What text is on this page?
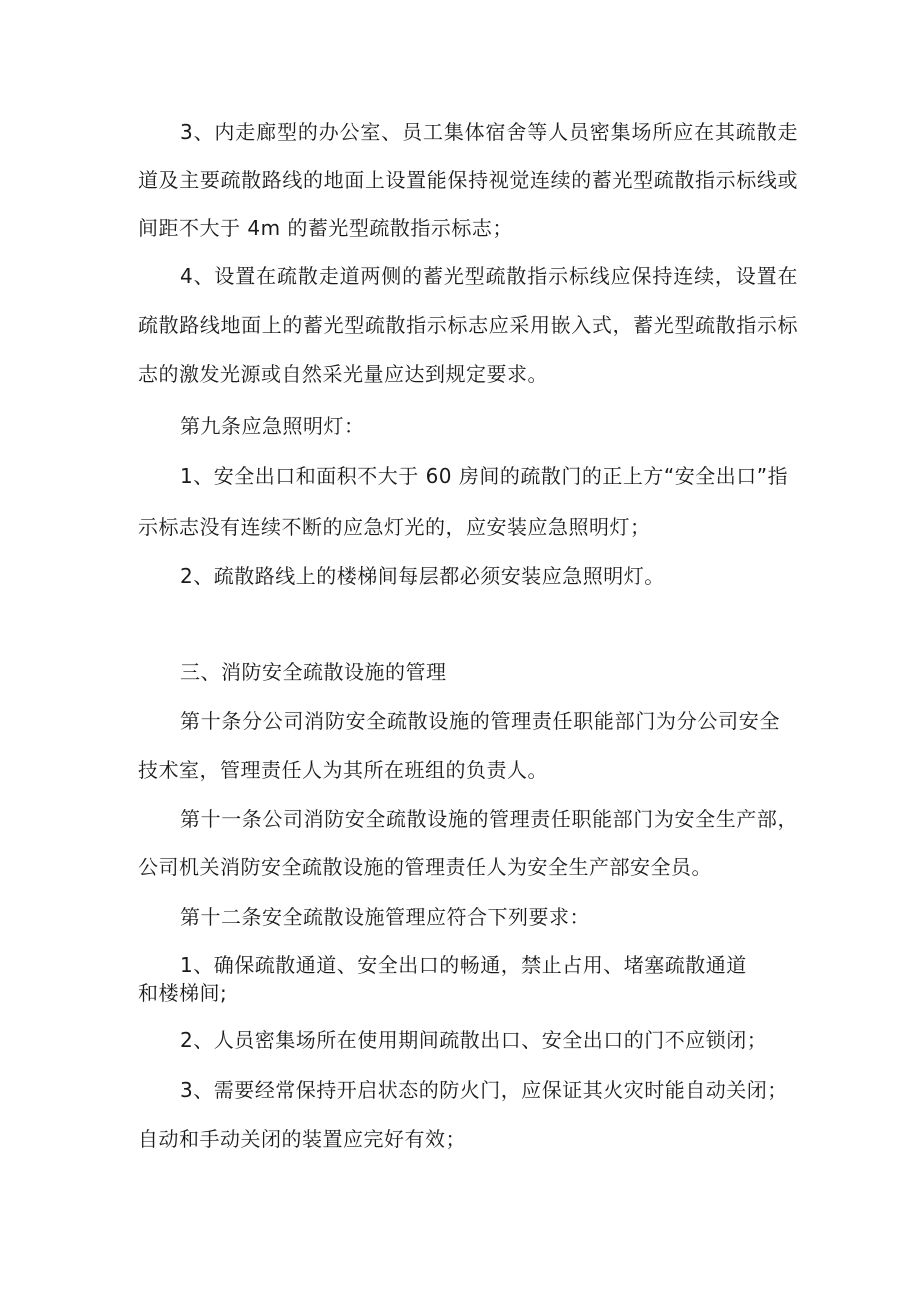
3、内走廊型的办公室、员工集体宿舍等人员密集场所应在其疏散走
道及主要疏散路线的地面上设置能保持视觉连续的蓄光型疏散指示标线或
间距不大于 4m 的蓄光型疏散指示标志；
4、设置在疏散走道两侧的蓄光型疏散指示标线应保持连续，设置在
疏散路线地面上的蓄光型疏散指示标志应采用嵌入式，蓄光型疏散指示标
志的激发光源或自然采光量应达到规定要求。
第九条应急照明灯：
1、安全出口和面积不大于 60 房间的疏散门的正上方“安全出口”指
示标志没有连续不断的应急灯光的，应安装应急照明灯；
2、疏散路线上的楼梯间每层都必须安装应急照明灯。
三、消防安全疏散设施的管理
第十条分公司消防安全疏散设施的管理责任职能部门为分公司安全
技术室，管理责任人为其所在班组的负责人。
第十一条公司消防安全疏散设施的管理责任职能部门为安全生产部，
公司机关消防安全疏散设施的管理责任人为安全生产部安全员。
第十二条安全疏散设施管理应符合下列要求：
1、确保疏散通道、安全出口的畅通，禁止占用、堵塞疏散通道
和楼梯间;
2、人员密集场所在使用期间疏散出口、安全出口的门不应锁闭；
3、需要经常保持开启状态的防火门，应保证其火灾时能自动关闭；
自动和手动关闭的装置应完好有效；
